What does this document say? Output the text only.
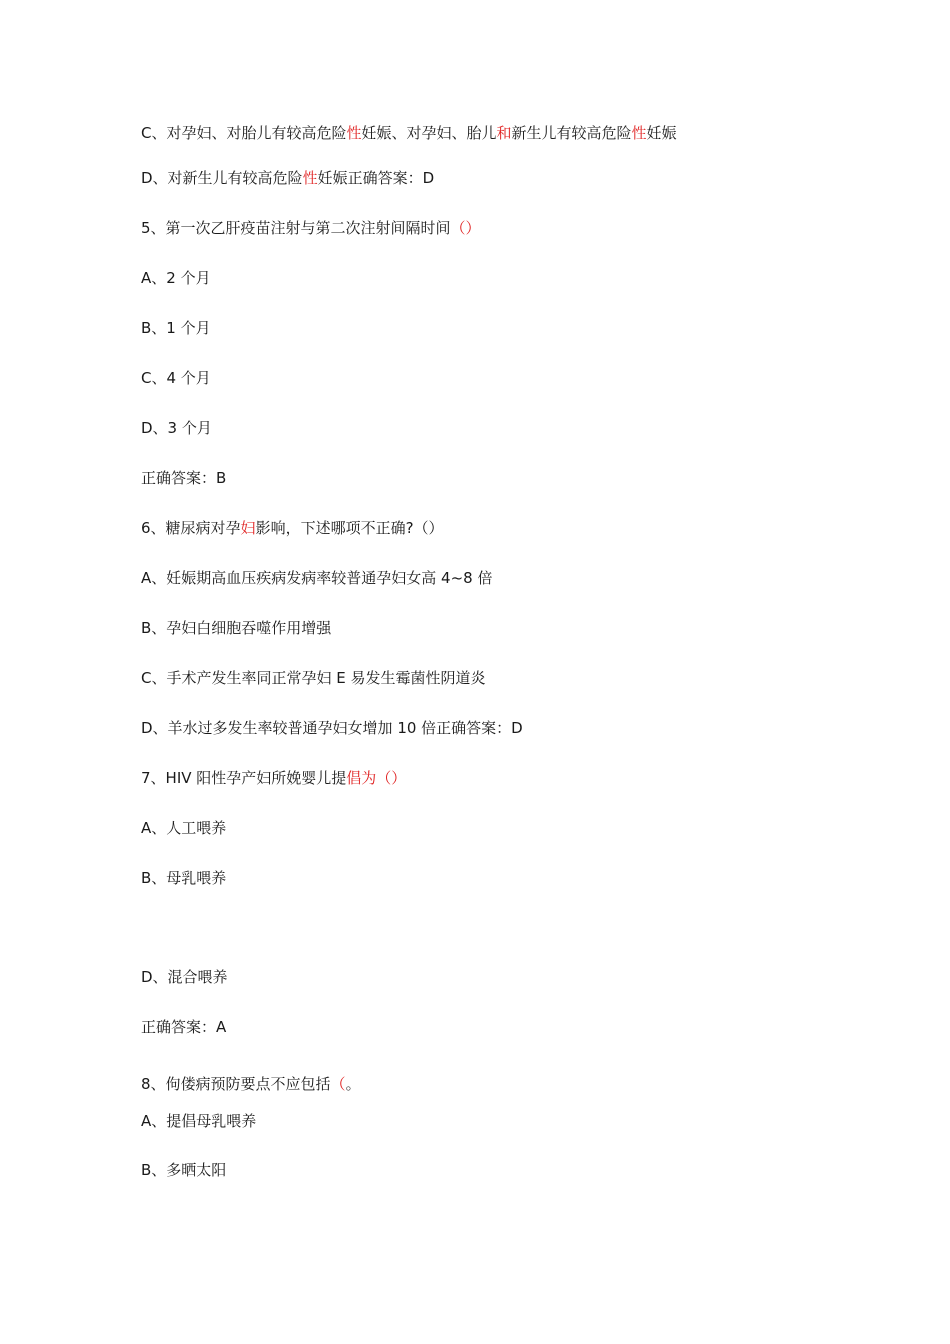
C、对孕妇、对胎儿有较高危险性妊娠、对孕妇、胎儿和新生儿有较高危险性妊娠

D、对新生儿有较高危险性妊娠正确答案：D

5、第一次乙肝疫苗注射与第二次注射间隔时间（）

A、2 个月

B、1 个月

C、4 个月

D、3 个月

正确答案：B

6、糖尿病对孕妇影响，下述哪项不正确?（）

A、妊娠期高血压疾病发病率较普通孕妇女高 4~8 倍

B、孕妇白细胞吞噬作用增强

C、手术产发生率同正常孕妇 E 易发生霉菌性阴道炎

D、羊水过多发生率较普通孕妇女增加 10 倍正确答案：D

7、HIV 阳性孕产妇所娩婴儿提倡为（）

A、人工喂养

B、母乳喂养

D、混合喂养

正确答案：A

8、佝偻病预防要点不应包括（。

A、提倡母乳喂养

B、多晒太阳
